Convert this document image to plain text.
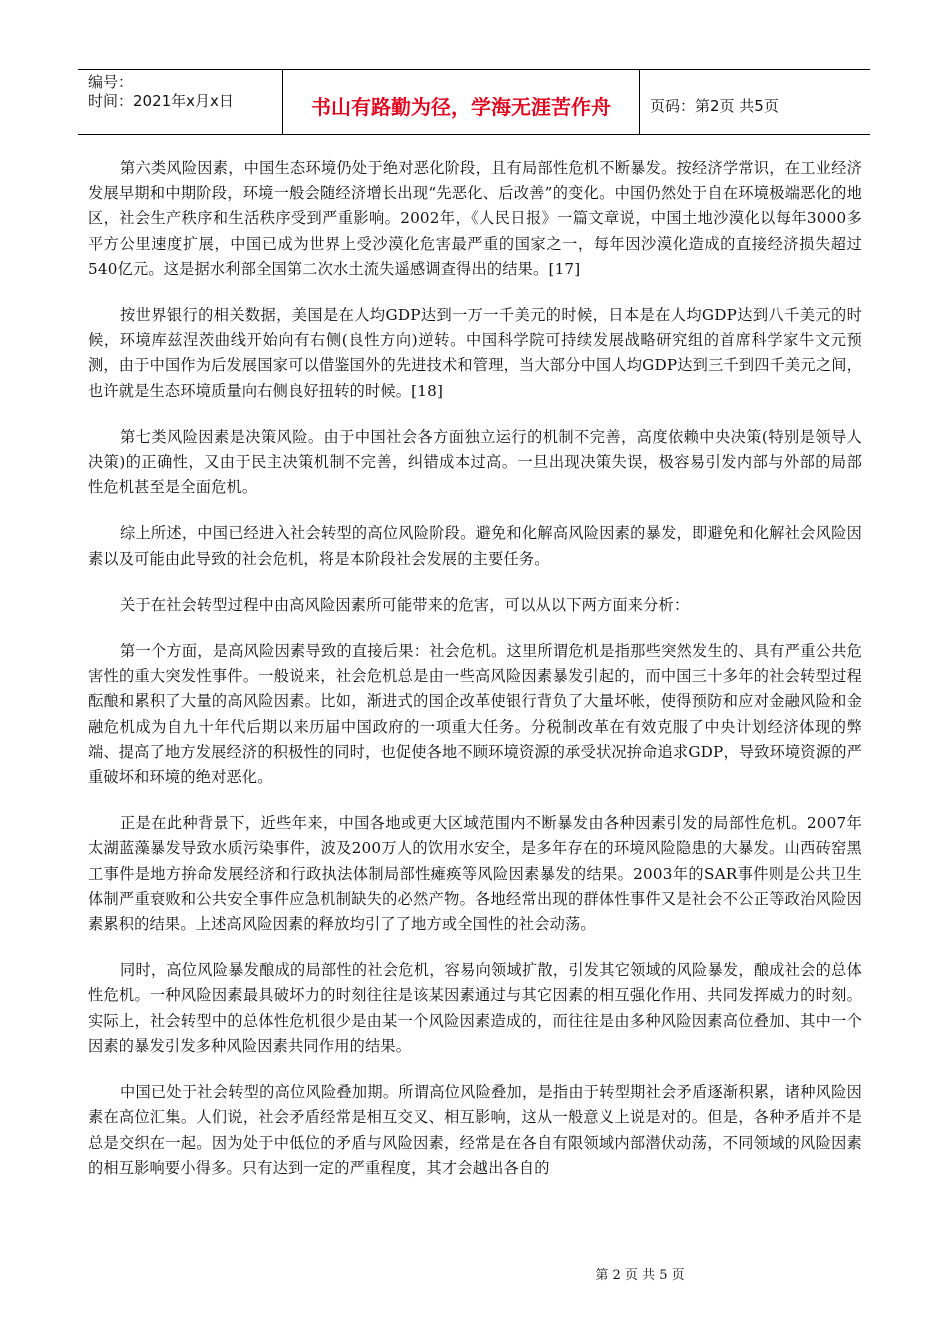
编号：
时间：2021年x月x日	书山有路勤为径，学海无涯苦作舟	页码：第2页 共5页

第六类风险因素，中国生态环境仍处于绝对恶化阶段，且有局部性危机不断暴发。按经济学常识，在工业经济发展早期和中期阶段，环境一般会随经济增长出现“先恶化、后改善”的变化。中国仍然处于自在环境极端恶化的地区，社会生产秩序和生活秩序受到严重影响。2002年，《人民日报》一篇文章说，中国土地沙漠化以每年3000多平方公里速度扩展，中国已成为世界上受沙漠化危害最严重的国家之一，每年因沙漠化造成的直接经济损失超过540亿元。这是据水利部全国第二次水土流失遥感调查得出的结果。[17]

按世界银行的相关数据，美国是在人均GDP达到一万一千美元的时候，日本是在人均GDP达到八千美元的时候，环境库兹涅茨曲线开始向有右侧(良性方向)逆转。中国科学院可持续发展战略研究组的首席科学家牛文元预测，由于中国作为后发展国家可以借鉴国外的先进技术和管理，当大部分中国人均GDP达到三千到四千美元之间，也许就是生态环境质量向右侧良好扭转的时候。[18]

第七类风险因素是决策风险。由于中国社会各方面独立运行的机制不完善，高度依赖中央决策(特别是领导人决策)的正确性，又由于民主决策机制不完善，纠错成本过高。一旦出现决策失误，极容易引发内部与外部的局部性危机甚至是全面危机。

综上所述，中国已经进入社会转型的高位风险阶段。避免和化解高风险因素的暴发，即避免和化解社会风险因素以及可能由此导致的社会危机，将是本阶段社会发展的主要任务。

关于在社会转型过程中由高风险因素所可能带来的危害，可以从以下两方面来分析：

第一个方面，是高风险因素导致的直接后果：社会危机。这里所谓危机是指那些突然发生的、具有严重公共危害性的重大突发性事件。一般说来，社会危机总是由一些高风险因素暴发引起的，而中国三十多年的社会转型过程酝酿和累积了大量的高风险因素。比如，渐进式的国企改革使银行背负了大量坏帐，使得预防和应对金融风险和金融危机成为自九十年代后期以来历届中国政府的一项重大任务。分税制改革在有效克服了中央计划经济体现的弊端、提高了地方发展经济的积极性的同时，也促使各地不顾环境资源的承受状况拚命追求GDP，导致环境资源的严重破坏和环境的绝对恶化。

正是在此种背景下，近些年来，中国各地或更大区域范围内不断暴发由各种因素引发的局部性危机。2007年太湖蓝藻暴发导致水质污染事件，波及200万人的饮用水安全，是多年存在的环境风险隐患的大暴发。山西砖窑黑工事件是地方拚命发展经济和行政执法体制局部性瘫痪等风险因素暴发的结果。2003年的SAR事件则是公共卫生体制严重衰败和公共安全事件应急机制缺失的必然产物。各地经常出现的群体性事件又是社会不公正等政治风险因素累积的结果。上述高风险因素的释放均引了了地方或全国性的社会动荡。

同时，高位风险暴发酿成的局部性的社会危机，容易向领域扩散，引发其它领域的风险暴发，酿成社会的总体性危机。一种风险因素最具破坏力的时刻往往是该某因素通过与其它因素的相互强化作用、共同发挥威力的时刻。实际上，社会转型中的总体性危机很少是由某一个风险因素造成的，而往往是由多种风险因素高位叠加、其中一个因素的暴发引发多种风险因素共同作用的结果。

中国已处于社会转型的高位风险叠加期。所谓高位风险叠加，是指由于转型期社会矛盾逐渐积累，诸种风险因素在高位汇集。人们说，社会矛盾经常是相互交叉、相互影响，这从一般意义上说是对的。但是，各种矛盾并不是总是交织在一起。因为处于中低位的矛盾与风险因素，经常是在各自有限领域内部潜伏动荡，不同领域的风险因素的相互影响要小得多。只有达到一定的严重程度，其才会越出各自的

第 2 页 共 5 页
